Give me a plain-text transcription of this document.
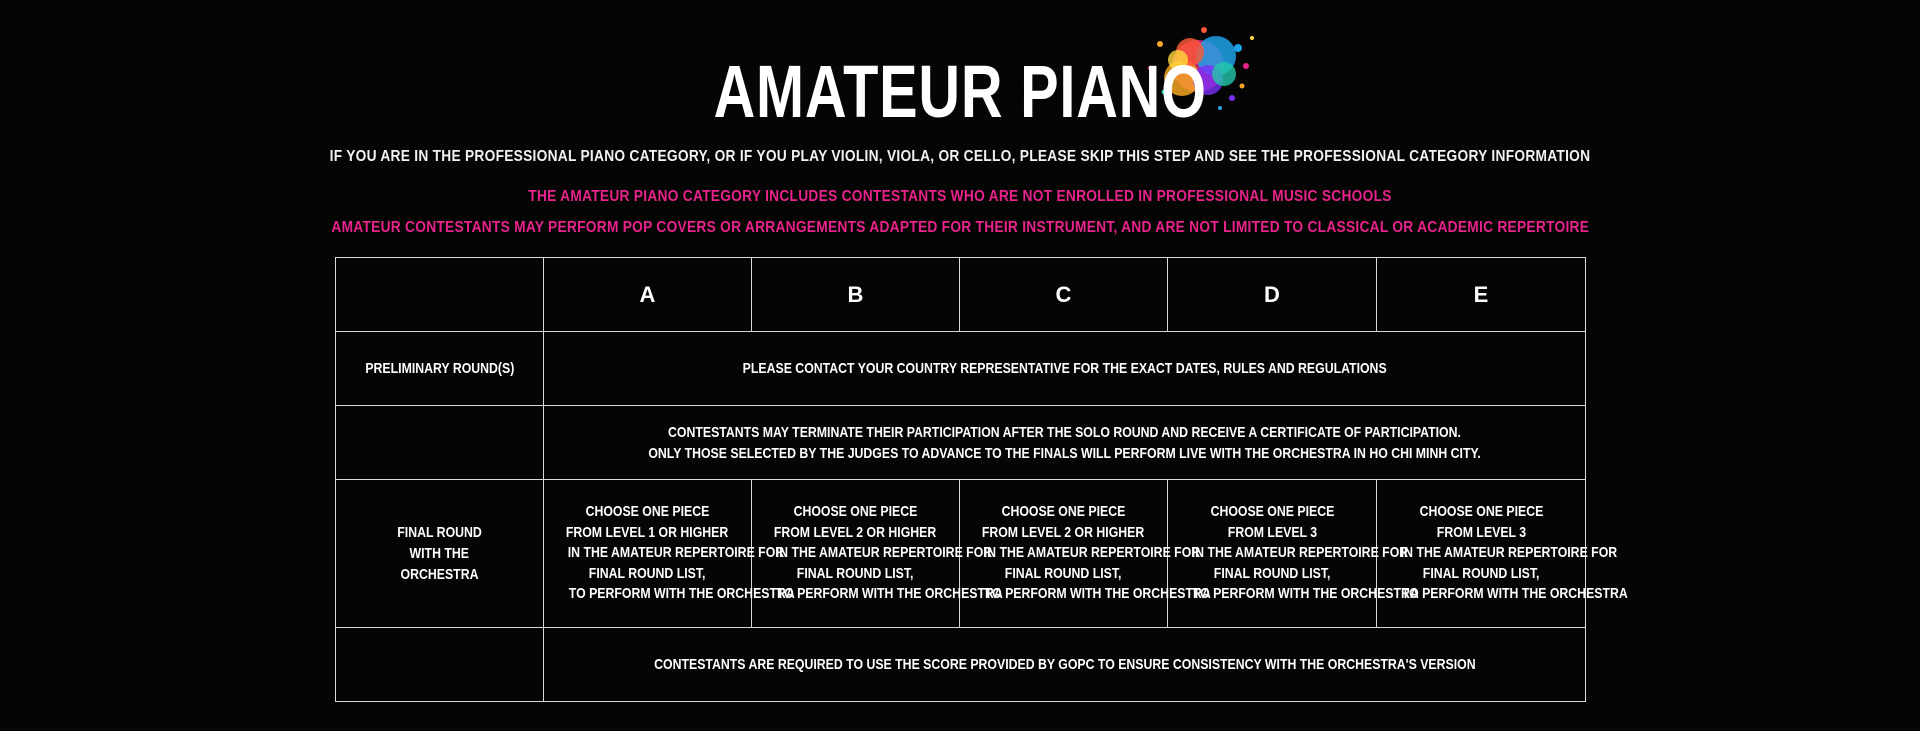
AMATEUR PIANO
IF YOU ARE IN THE PROFESSIONAL PIANO CATEGORY, OR IF YOU PLAY VIOLIN, VIOLA, OR CELLO, PLEASE SKIP THIS STEP AND SEE THE PROFESSIONAL CATEGORY INFORMATION
THE AMATEUR PIANO CATEGORY INCLUDES CONTESTANTS WHO ARE NOT ENROLLED IN PROFESSIONAL MUSIC SCHOOLS
AMATEUR CONTESTANTS MAY PERFORM POP COVERS OR ARRANGEMENTS ADAPTED FOR THEIR INSTRUMENT, AND ARE NOT LIMITED TO CLASSICAL OR ACADEMIC REPERTOIRE
	A	B	C	D	E
PRELIMINARY ROUND(S)	PLEASE CONTACT YOUR COUNTRY REPRESENTATIVE FOR THE EXACT DATES, RULES AND REGULATIONS				
	CONTESTANTS MAY TERMINATE THEIR PARTICIPATION AFTER THE SOLO ROUND AND RECEIVE A CERTIFICATE OF PARTICIPATION.
ONLY THOSE SELECTED BY THE JUDGES TO ADVANCE TO THE FINALS WILL PERFORM LIVE WITH THE ORCHESTRA IN HO CHI MINH CITY.				
FINAL ROUND
WITH THE
ORCHESTRA	CHOOSE ONE PIECE
FROM LEVEL 1 OR HIGHER
IN THE AMATEUR REPERTOIRE FOR
FINAL ROUND LIST,
TO PERFORM WITH THE ORCHESTRA	CHOOSE ONE PIECE
FROM LEVEL 2 OR HIGHER
IN THE AMATEUR REPERTOIRE FOR
FINAL ROUND LIST,
TO PERFORM WITH THE ORCHESTRA	CHOOSE ONE PIECE
FROM LEVEL 2 OR HIGHER
IN THE AMATEUR REPERTOIRE FOR
FINAL ROUND LIST,
TO PERFORM WITH THE ORCHESTRA	CHOOSE ONE PIECE
FROM LEVEL 3
IN THE AMATEUR REPERTOIRE FOR
FINAL ROUND LIST,
TO PERFORM WITH THE ORCHESTRA	CHOOSE ONE PIECE
FROM LEVEL 3
IN THE AMATEUR REPERTOIRE FOR
FINAL ROUND LIST,
TO PERFORM WITH THE ORCHESTRA
	CONTESTANTS ARE REQUIRED TO USE THE SCORE PROVIDED BY GOPC TO ENSURE CONSISTENCY WITH THE ORCHESTRA'S VERSION				
